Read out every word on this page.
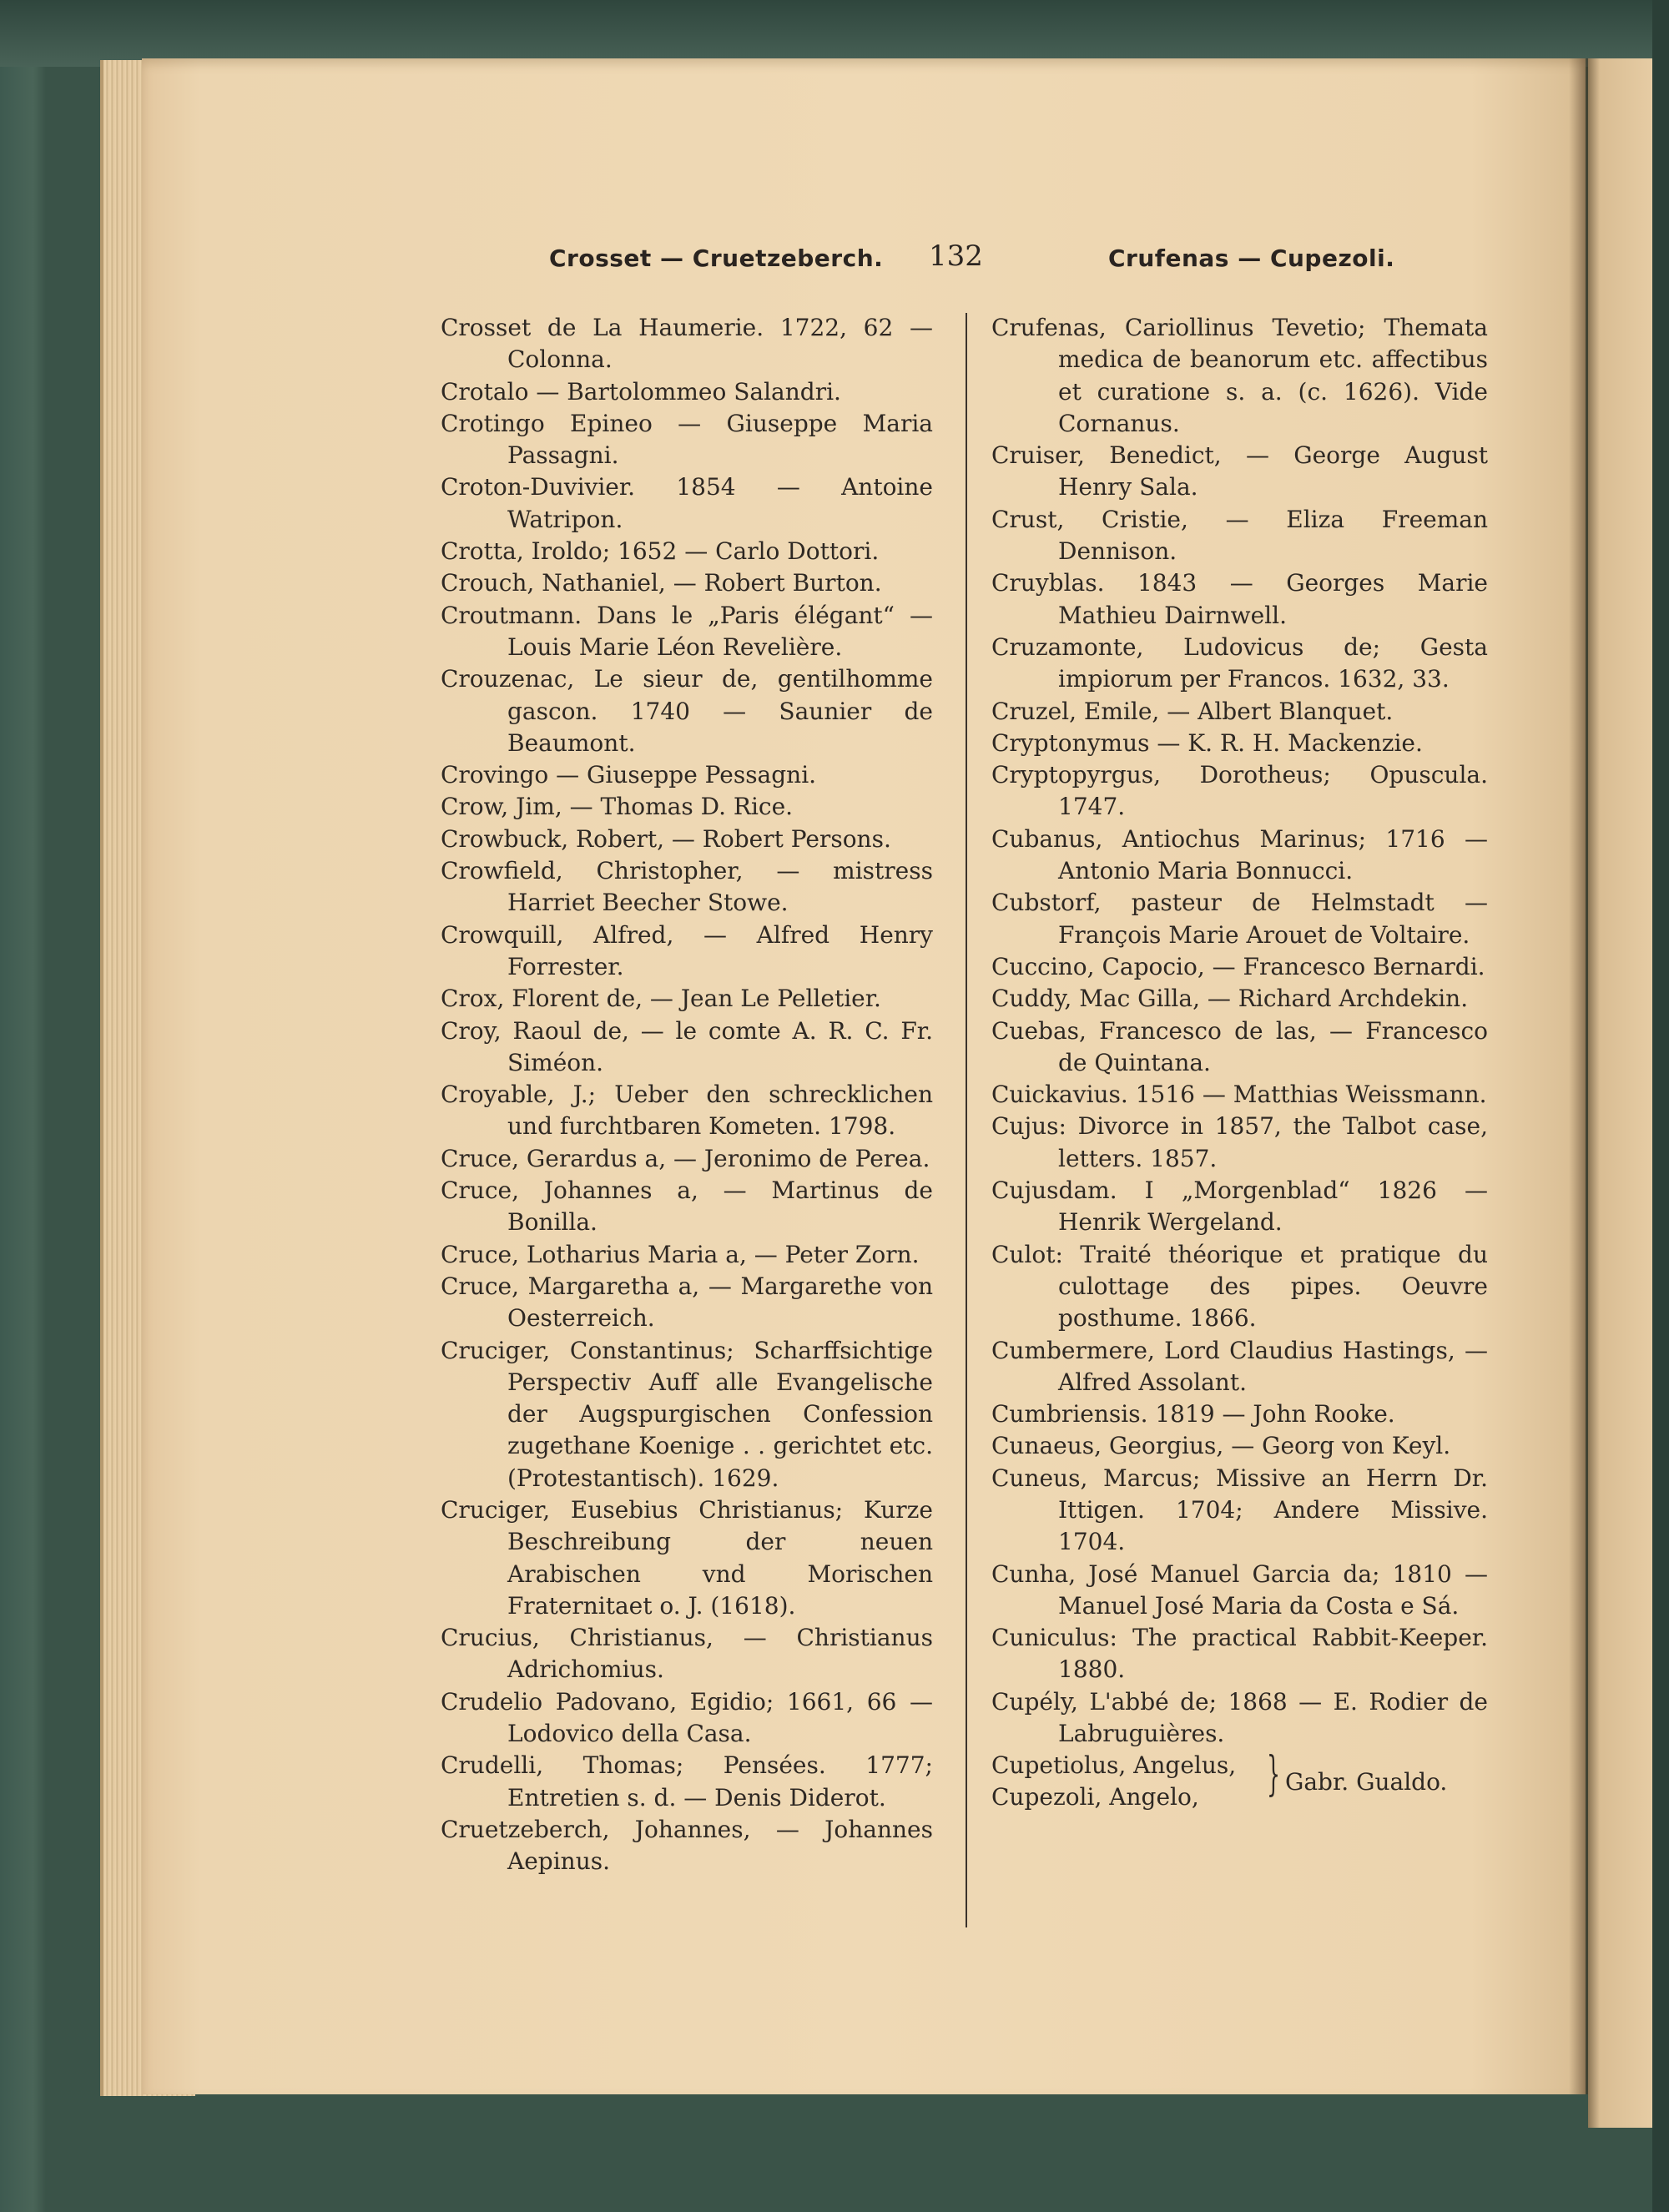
Crosset — Cruetzeberch. 132	Crufenas — Cupezoli.
Crosset de La Haumerie. 1722, 62 — Colonna.
Crotalo — Bartolommeo Salandri.
Crotingo Epineo — Giuseppe Maria Passagni.
Croton-Duvivier. 1854 — Antoine Watripon.
Crotta, Iroldo; 1652 — Carlo Dottori.
Crouch, Nathaniel, — Robert Burton.
Croutmann. Dans le „Paris élégant“ — Louis Marie Léon Revelière.
Crouzenac, Le sieur de, gentilhomme gascon. 1740 — Saunier de Beaumont.
Crovingo — Giuseppe Pessagni.
Crow, Jim, — Thomas D. Rice.
Crowbuck, Robert, — Robert Persons.
Crowfield, Christopher, — mistress Harriet Beecher Stowe.
Crowquill, Alfred, — Alfred Henry Forrester.
Crox, Florent de, — Jean Le Pelletier.
Croy, Raoul de, — le comte A. R. C. Fr. Siméon.
Croyable, J.; Ueber den schrecklichen und furchtbaren Kometen. 1798.
Cruce, Gerardus a, — Jeronimo de Perea.
Cruce, Johannes a, — Martinus de Bonilla.
Cruce, Lotharius Maria a, — Peter Zorn.
Cruce, Margaretha a, — Margarethe von Oesterreich.
Cruciger, Constantinus; Scharffsichtige Perspectiv Auff alle Evangelische der Augspurgischen Confession zugethane Koenige . . gerichtet etc. (Protestantisch). 1629.
Cruciger, Eusebius Christianus; Kurze Beschreibung der neuen Arabischen vnd Morischen Fraternitaet o. J. (1618).
Crucius, Christianus, — Christianus Adrichomius.
Crudelio Padovano, Egidio; 1661, 66 — Lodovico della Casa.
Crudelli, Thomas; Pensées. 1777; Entretien s. d. — Denis Diderot.
Cruetzeberch, Johannes, — Johannes Aepinus.
Crufenas, Cariollinus Tevetio; Themata medica de beanorum etc. affectibus et curatione s. a. (c. 1626). Vide Cornanus.
Cruiser, Benedict, — George August Henry Sala.
Crust, Cristie, — Eliza Freeman Dennison.
Cruyblas. 1843 — Georges Marie Mathieu Dairnwell.
Cruzamonte, Ludovicus de; Gesta impiorum per Francos. 1632, 33.
Cruzel, Emile, — Albert Blanquet.
Cryptonymus — K. R. H. Mackenzie.
Cryptopyrgus, Dorotheus; Opuscula. 1747.
Cubanus, Antiochus Marinus; 1716 — Antonio Maria Bonnucci.
Cubstorf, pasteur de Helmstadt — François Marie Arouet de Voltaire.
Cuccino, Capocio, — Francesco Bernardi.
Cuddy, Mac Gilla, — Richard Archdekin.
Cuebas, Francesco de las, — Francesco de Quintana.
Cuickavius. 1516 — Matthias Weissmann.
Cujus: Divorce in 1857, the Talbot case, letters. 1857.
Cujusdam. I „Morgenblad“ 1826 — Henrik Wergeland.
Culot: Traité théorique et pratique du culottage des pipes. Oeuvre posthume. 1866.
Cumbermere, Lord Claudius Hastings, — Alfred Assolant.
Cumbriensis. 1819 — John Rooke.
Cunaeus, Georgius, — Georg von Keyl.
Cuneus, Marcus; Missive an Herrn Dr. Ittigen. 1704; Andere Missive. 1704.
Cunha, José Manuel Garcia da; 1810 — Manuel José Maria da Costa e Sá.
Cuniculus: The practical Rabbit-Keeper. 1880.
Cupély, L'abbé de; 1868 — E. Rodier de Labruguières.
Cupetiolus, Angelus,
Cupezoli, Angelo, } Gabr. Gualdo.
